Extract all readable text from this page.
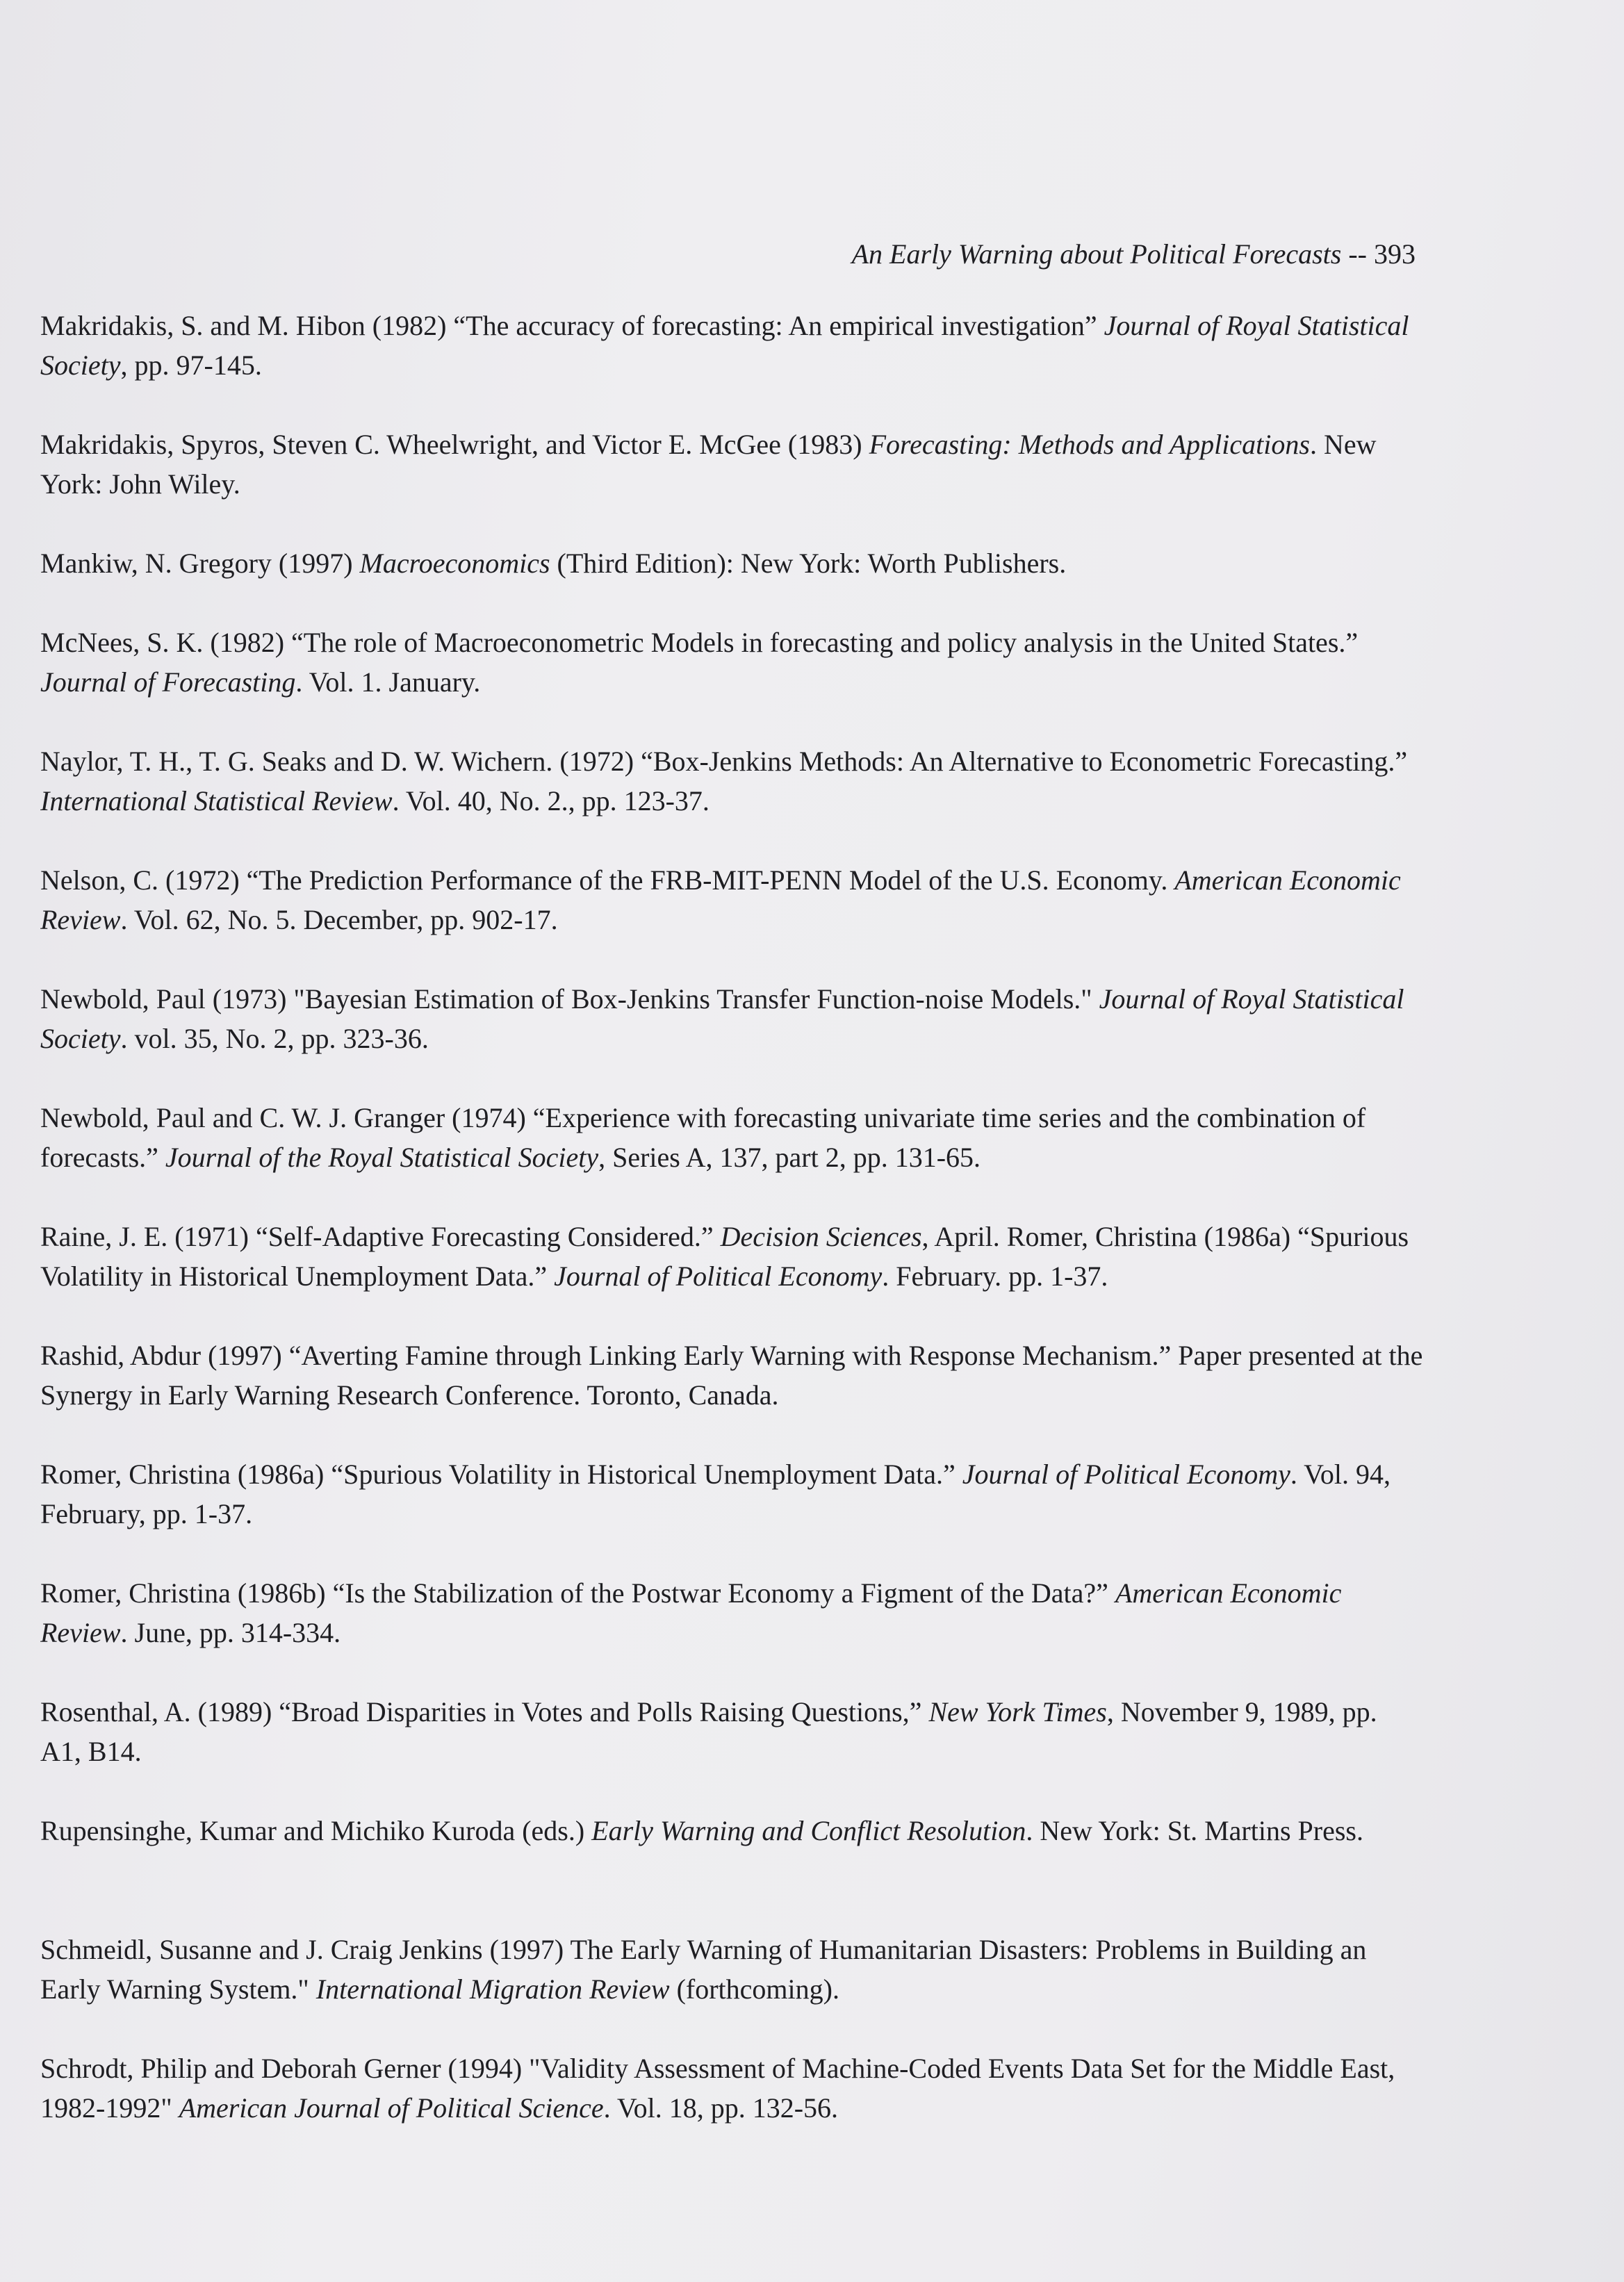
An Early Warning about Political Forecasts -- 393

Makridakis, S. and M. Hibon (1982) “The accuracy of forecasting: An empirical investigation” Journal of Royal Statistical Society, pp. 97-145.

Makridakis, Spyros, Steven C. Wheelwright, and Victor E. McGee (1983) Forecasting: Methods and Applications. New York: John Wiley.

Mankiw, N. Gregory (1997) Macroeconomics (Third Edition): New York: Worth Publishers.

McNees, S. K. (1982) “The role of Macroeconometric Models in forecasting and policy analysis in the United States.” Journal of Forecasting. Vol. 1. January.

Naylor, T. H., T. G. Seaks and D. W. Wichern. (1972) “Box-Jenkins Methods: An Alternative to Econometric Forecasting.” International Statistical Review. Vol. 40, No. 2., pp. 123-37.

Nelson, C. (1972) “The Prediction Performance of the FRB-MIT-PENN Model of the U.S. Economy. American Economic Review. Vol. 62, No. 5. December, pp. 902-17.

Newbold, Paul (1973) "Bayesian Estimation of Box-Jenkins Transfer Function-noise Models." Journal of Royal Statistical Society. vol. 35, No. 2, pp. 323-36.

Newbold, Paul and C. W. J. Granger (1974) “Experience with forecasting univariate time series and the combination of forecasts.” Journal of the Royal Statistical Society, Series A, 137, part 2, pp. 131-65.

Raine, J. E. (1971) “Self-Adaptive Forecasting Considered.” Decision Sciences, April. Romer, Christina (1986a) “Spurious Volatility in Historical Unemployment Data.” Journal of Political Economy. February. pp. 1-37.

Rashid, Abdur (1997) “Averting Famine through Linking Early Warning with Response Mechanism.” Paper presented at the Synergy in Early Warning Research Conference. Toronto, Canada.

Romer, Christina (1986a) “Spurious Volatility in Historical Unemployment Data.” Journal of Political Economy. Vol. 94, February, pp. 1-37.

Romer, Christina (1986b) “Is the Stabilization of the Postwar Economy a Figment of the Data?” American Economic Review. June, pp. 314-334.

Rosenthal, A. (1989) “Broad Disparities in Votes and Polls Raising Questions,” New York Times, November 9, 1989, pp. A1, B14.

Rupensinghe, Kumar and Michiko Kuroda (eds.) Early Warning and Conflict Resolution. New York: St. Martins Press.

Schmeidl, Susanne and J. Craig Jenkins (1997) The Early Warning of Humanitarian Disasters: Problems in Building an Early Warning System." International Migration Review (forthcoming).

Schrodt, Philip and Deborah Gerner (1994) "Validity Assessment of Machine-Coded Events Data Set for the Middle East, 1982-1992" American Journal of Political Science. Vol. 18, pp. 132-56.
